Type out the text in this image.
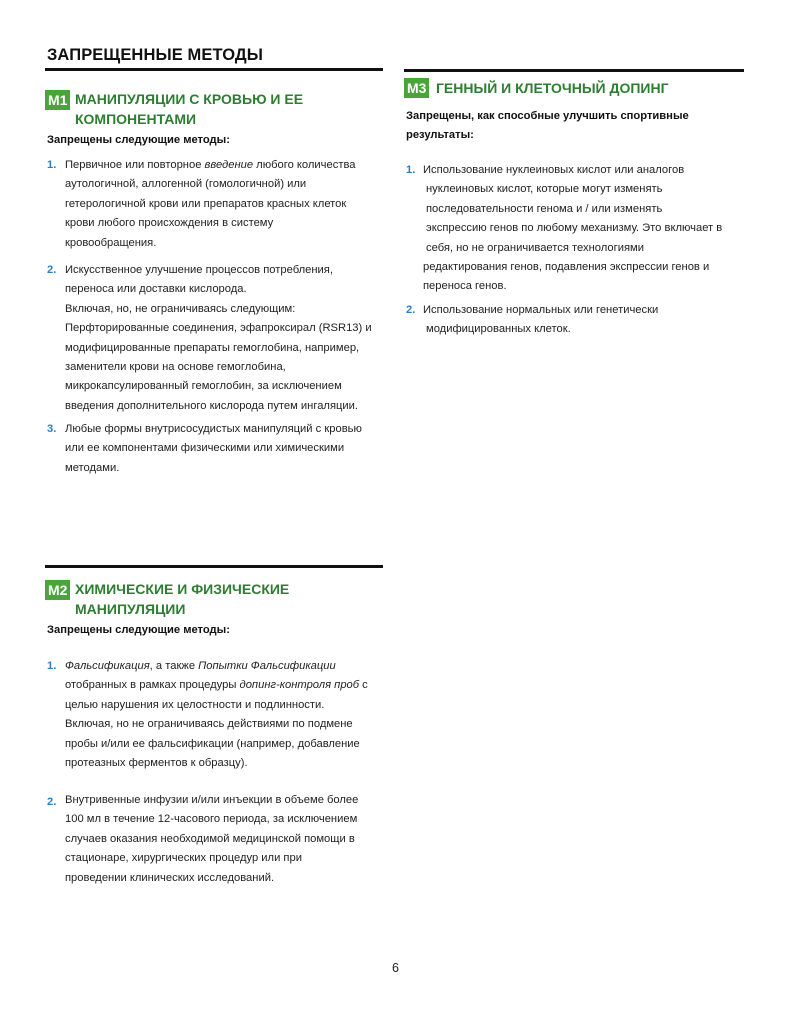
ЗАПРЕЩЕННЫЕ МЕТОДЫ
M1 МАНИПУЛЯЦИИ С КРОВЬЮ И ЕЕ
КОМПОНЕНТАМИ
Запрещены следующие методы:
1. Первичное или повторное введение любого количества
аутологичной, аллогенной (гомологичной) или
гетерологичной крови или препаратов красных клеток
крови любого происхождения в систему
кровообращения.
2. Искусственное улучшение процессов потребления,
переноса или доставки кислорода.
Включая, но, не ограничиваясь следующим:
Перфторированные соединения, эфапроксирал (RSR13) и
модифицированные препараты гемоглобина, например,
заменители крови на основе гемоглобина,
микрокапсулированный гемоглобин, за исключением
введения дополнительного кислорода путем ингаляции.
3. Любые формы внутрисосудистых манипуляций с кровью
или ее компонентами физическими или химическими
методами.
M2 ХИМИЧЕСКИЕ И ФИЗИЧЕСКИЕ
МАНИПУЛЯЦИИ
Запрещены следующие методы:
1. Фальсификация, а также Попытки Фальсификации
отобранных в рамках процедуры допинг-контроля проб с
целью нарушения их целостности и подлинности.
Включая, но не ограничиваясь действиями по подмене
пробы и/или ее фальсификации (например, добавление
протеазных ферментов к образцу).
2. Внутривенные инфузии и/или инъекции в объеме более
100 мл в течение 12-часового периода, за исключением
случаев оказания необходимой медицинской помощи в
стационаре, хирургических процедур или при
проведении клинических исследований.
M3 ГЕННЫЙ И КЛЕТОЧНЫЙ ДОПИНГ
Запрещены, как способные улучшить спортивные
результаты:
1. Использование нуклеиновых кислот или аналогов
нуклеиновых кислот, которые могут изменять
последовательности генома и / или изменять
экспрессию генов по любому механизму. Это включает в
себя, но не ограничивается технологиями
редактирования генов, подавления экспрессии генов и
переноса генов.
2. Использование нормальных или генетически
модифицированных клеток.
6
